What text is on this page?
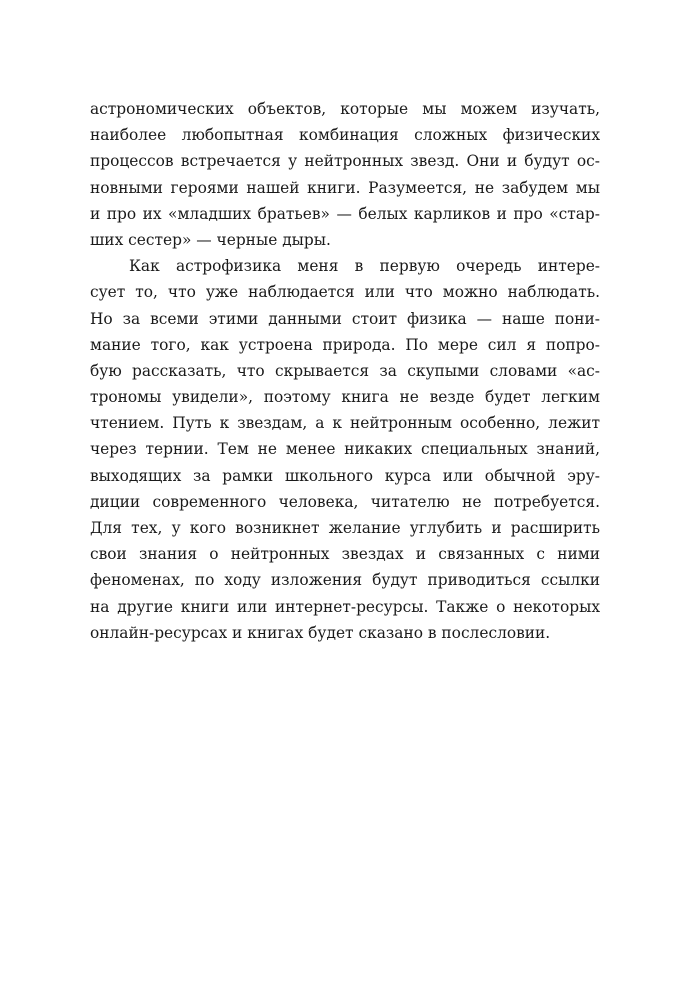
астрономических объектов, которые мы можем изучать,
наиболее любопытная комбинация сложных физических
процессов встречается у нейтронных звезд. Они и будут ос-
новными героями нашей книги. Разумеется, не забудем мы
и про их «младших братьев» — белых карликов и про «стар-
ших сестер» — черные дыры.
Как астрофизика меня в первую очередь интере-
сует то, что уже наблюдается или что можно наблюдать.
Но за всеми этими данными стоит физика — наше пони-
мание того, как устроена природа. По мере сил я попро-
бую рассказать, что скрывается за скупыми словами «ас-
трономы увидели», поэтому книга не везде будет легким
чтением. Путь к звездам, а к нейтронным особенно, лежит
через тернии. Тем не менее никаких специальных знаний,
выходящих за рамки школьного курса или обычной эру-
диции современного человека, читателю не потребуется.
Для тех, у кого возникнет желание углубить и расширить
свои знания о нейтронных звездах и связанных с ними
феноменах, по ходу изложения будут приводиться ссылки
на другие книги или интернет-ресурсы. Также о некоторых
онлайн-ресурсах и книгах будет сказано в послесловии.
